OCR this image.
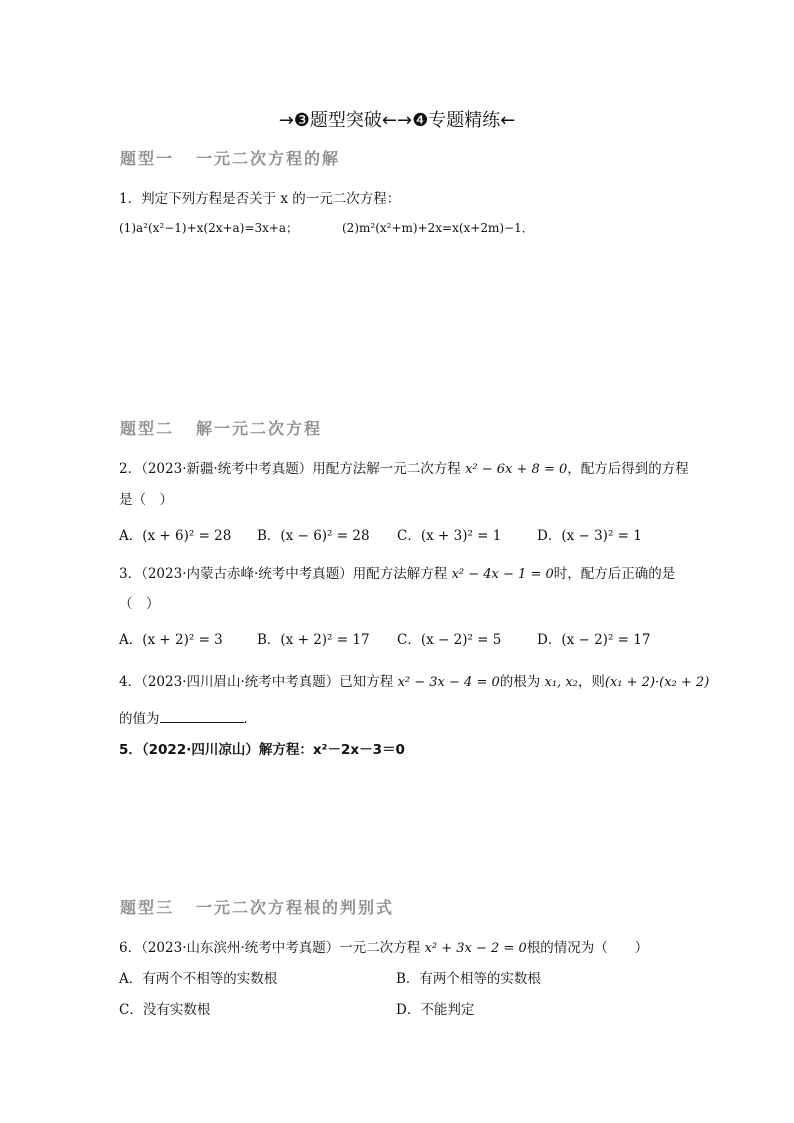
→❸题型突破←→❹专题精练←
题型一 一元二次方程的解
1．判定下列方程是否关于 x 的一元二次方程：
(1)a²(x²−1)+x(2x+a)=3x+a；	(2)m²(x²+m)+2x=x(x+2m)−1．
题型二 解一元二次方程
2．（2023·新疆·统考中考真题）用配方法解一元二次方程 x² − 6x + 8 = 0，配方后得到的方程
是（　）
A．(x + 6)² = 28 B．(x − 6)² = 28 C．(x + 3)² = 1	D．(x − 3)² = 1
3．（2023·内蒙古赤峰·统考中考真题）用配方法解方程 x² − 4x − 1 = 0时，配方后正确的是
（　）
A．(x + 2)² = 3	B．(x + 2)² = 17 C．(x − 2)² = 5	D．(x − 2)² = 17
4．（2023·四川眉山·统考中考真题）已知方程 x² − 3x − 4 = 0的根为 x₁, x₂，则(x₁ + 2)·(x₂ + 2)
的值为	．
5．（2022·四川凉山）解方程：x²－2x－3＝0
题型三 一元二次方程根的判别式
6．（2023·山东滨州·统考中考真题）一元二次方程 x² + 3x − 2 = 0根的情况为（　　）
A．有两个不相等的实数根	B．有两个相等的实数根
C．没有实数根	D．不能判定
